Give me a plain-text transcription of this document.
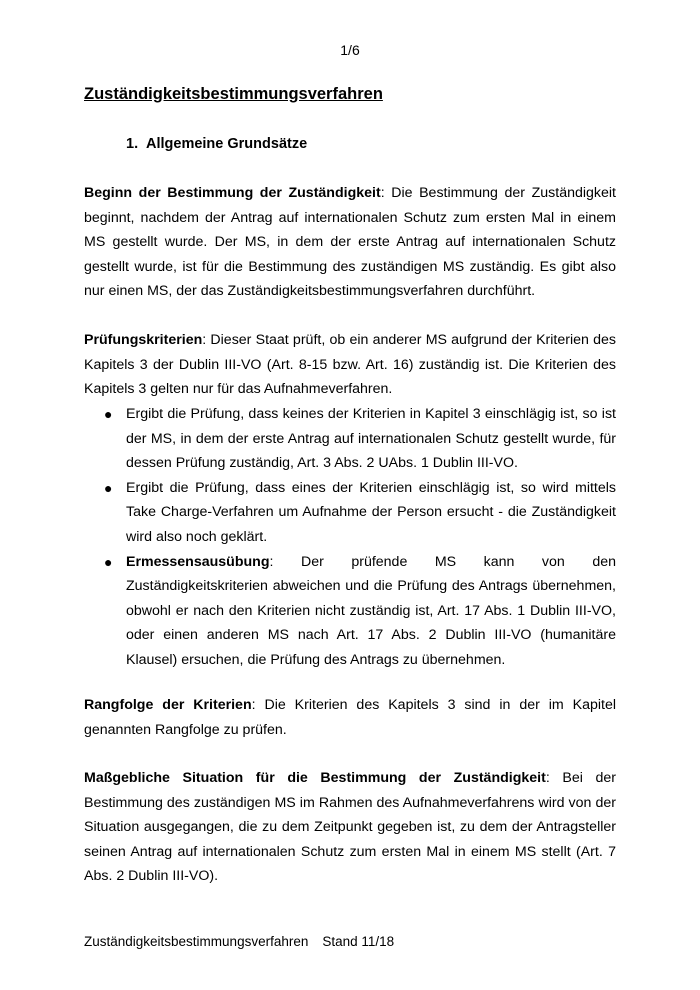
1/6
Zuständigkeitsbestimmungsverfahren
1. Allgemeine Grundsätze

Beginn der Bestimmung der Zuständigkeit: Die Bestimmung der Zuständigkeit beginnt, nachdem der Antrag auf internationalen Schutz zum ersten Mal in einem MS gestellt wurde. Der MS, in dem der erste Antrag auf internationalen Schutz gestellt wurde, ist für die Bestimmung des zuständigen MS zuständig. Es gibt also nur einen MS, der das Zuständigkeitsbestimmungsverfahren durchführt.

Prüfungskriterien: Dieser Staat prüft, ob ein anderer MS aufgrund der Kriterien des Kapitels 3 der Dublin III-VO (Art. 8-15 bzw. Art. 16) zuständig ist. Die Kriterien des Kapitels 3 gelten nur für das Aufnahmeverfahren.

● Ergibt die Prüfung, dass keines der Kriterien in Kapitel 3 einschlägig ist, so ist der MS, in dem der erste Antrag auf internationalen Schutz gestellt wurde, für dessen Prüfung zuständig, Art. 3 Abs. 2 UAbs. 1 Dublin III-VO.
● Ergibt die Prüfung, dass eines der Kriterien einschlägig ist, so wird mittels Take Charge-Verfahren um Aufnahme der Person ersucht - die Zuständigkeit wird also noch geklärt.
● Ermessensausübung: Der prüfende MS kann von den Zuständigkeitskriterien abweichen und die Prüfung des Antrags übernehmen, obwohl er nach den Kriterien nicht zuständig ist, Art. 17 Abs. 1 Dublin III-VO, oder einen anderen MS nach Art. 17 Abs. 2 Dublin III-VO (humanitäre Klausel) ersuchen, die Prüfung des Antrags zu übernehmen.

Rangfolge der Kriterien: Die Kriterien des Kapitels 3 sind in der im Kapitel genannten Rangfolge zu prüfen.

Maßgebliche Situation für die Bestimmung der Zuständigkeit: Bei der Bestimmung des zuständigen MS im Rahmen des Aufnahmeverfahrens wird von der Situation ausgegangen, die zu dem Zeitpunkt gegeben ist, zu dem der Antragsteller seinen Antrag auf internationalen Schutz zum ersten Mal in einem MS stellt (Art. 7 Abs. 2 Dublin III-VO).

Zuständigkeitsbestimmungsverfahren Stand 11/18
